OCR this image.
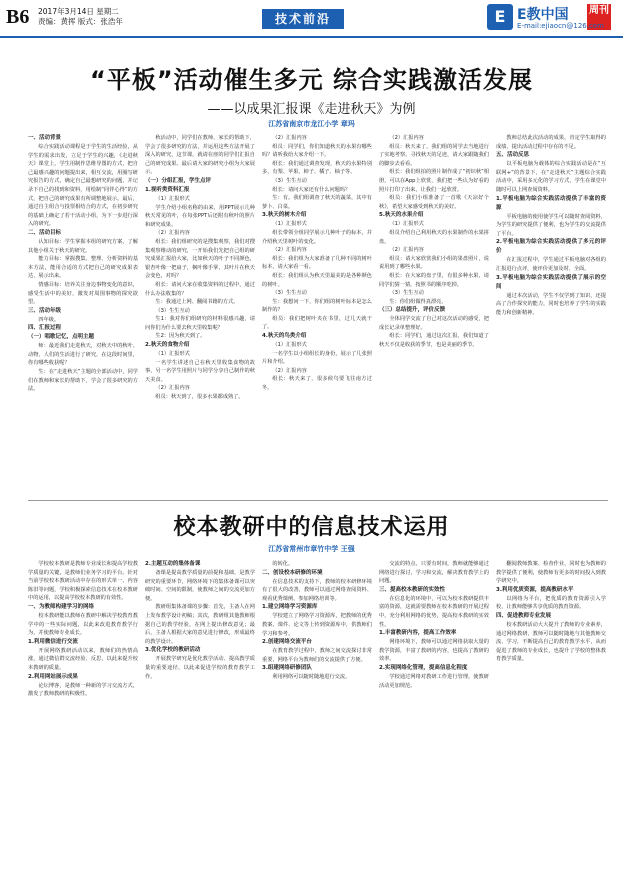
B6 2017年3月14日 星期二
责编：黄挥 版式：张浩年	技术前沿	E E教中国 周刊
E-mail:ejiaocn@126.com
“平板”活动催生多元 综合实践激活发展
——以成果汇报课《走进秋天》为例
江苏省南京市龙江小学 章玛
一、活动背景

综合实践活动课程是于学生的生活经验，从学生的需求出发，立足于学生的兴趣，《走进秋天》课堂上，学生用制作思维导图的方式，把自己最感兴趣的问题提出来，相互交流，用圈写研究报告的方式，确定自己最想研究的问题，并记录下自己的找到和资料，用绘制“同伴心得”的方式，把自己的研究成果有所调整地展示。最后，通过自主组合与投票相结合的方式，在初步研究的基础上确定了若干活动小组，为下一步进行深入的研究。

二、活动目标

认知目标：学生掌握本组的研究方案，了解其他小组关于秋天的研究。

能力目标：掌握搜集、整理、分析资料的基本方法，能用合适的方式把自己的研究成果表达、展示出来。

情感目标：培养关注身边事物变化的意识，感受生活中的美好，激发对周围事物的探究欲望。

三、活动年级

四年级。

四、汇报过程
（一）唱歌记忆，点明主题

师：最近我们走进秋天，对秋天中的秋叶、动物、人们的生活进行了研究，在这段时间里，你有哪些收获呢？

生：在“走进秋天”主题的全部活动中，同学们在教师和家长的帮助下，学会了很多研究的方法。

秋活动中，同学们在教师、家长的帮助下，学会了很多研究的方法，并运用这些方法开展了深入的研究，这节课，就请在座的同学们汇报自己的研究成果。最后请大家的研究小组为大家展示。

（一）分组汇报，学生点评
1.视听类资料汇报

（1）汇报形式

学生介绍小组名称的由来，用PPT展示几种秋天常见的叶，在每张PPT后还附有秋叶的照片和研究成果。

（2）汇报内容

组长：我们组研究的是搜集观察，我们对搜集观察维动的研究，一开始我们先把自己组的研究成果汇报给大家，比如秋天的叶子不同颜色，银杏叶像一把扇子，枫叶像手掌，其叶片在秋天会变色，对吗？

组长：请问大家在收集资料的过程中，通过什么办法收集的？

生：我通过上网、翻阅书籍的方式。

（3）生生互动

生1：我对你们组研究的材料很感兴趣，请问你们为什么要去秋天里收集呢？

生2：因为秋天到了。

2.秋天的食物介绍

（1）汇报形式

一名学生讲述自己在秋天里收集食物的故事，另一名学生用照片与同学分享自己制作的秋天美食。

（2）汇报内容

组员：秋天到了，很多水果都成熟了。

（2）汇报内容

组员：同学们，你们知道秋天的水果有哪些吗？请听我给大家介绍一下。

组长：我们通过调查发现，秋天的水果特别多，有梨、苹果、柿子、橘子、柚子等。

（3）生生互动

组长：请问大家还有什么问题吗？

生：有。我们组调查了秋天的蔬菜，其中有萝卜、白菜。

3.秋天的树木介绍

（1）汇报形式

组长带领全组同学展示几种叶子的标本，并介绍秋天里树叶的变化。

（2）汇报内容

组长：我们组为大家准备了几种不同的树叶标本，请大家看一看。

组长：我们组认为秋天里最美的是各种颜色的树叶。

（3）生生互动

生：我想问一下，你们组的树叶标本是怎么制作的？

组员：我们把树叶夹在书里，过几天就干了。

4.秋天的鸟类介绍

（1）汇报形式

一名学生以小组组长的身份，展示了几张照片和介绍。

（2）汇报内容

组长：秋天来了，很多候鸟要飞往南方过冬。

（2）汇报内容

组员：秋天来了，我们组的同学去当地进行了实地考察。寻找秋天的足迹，请大家跟随我们的脚步去看看。

组长：我们组拍的照片制作成了“初识秋”相册，可以在App上欣赏，我们把一些认为好看的照片打印了出来，让我们一起欣赏。

组员：我们小组准备了一首歌《天凉好个秋》，希望大家感受到秋天的美好。

5.秋天的水果介绍

（1）汇报形式

组员介绍自己利用秋天的水果制作的水果拼盘。

（2）汇报内容

组员：请大家欣赏我们小组的果盘照片，说说用到了哪些水果。

组长：在大家的盘子里，有很多种水果，请同学们猜一猜，按照书的顺序吃掉。

（3）生生互动

生：你们组做得真漂亮。

（三）总结提升，评价反馈

全体同学交流了自己对这次活动的感受，把成长记录单整理好。

组长：同学们，通过这次汇报，我们知道了秋天不仅是收获的季节，也是美丽的季节。

教师总结此次活动的成果，肯定学生取得的成绩，提出活动过程中存在的不足。

五、活动反思

以平板电脑为载体的综合实践活动是在“互联网+”的背景下，在“走进秋天”主题综合实践活动中，采用多元化的学习方式，学生在课堂中随时可以上网查阅资料。

1.平板电脑为综合实践活动提供了丰富的资源

平板电脑的使用使学生可以随时查阅资料，为学生的研究提供了便利，也为学生的交流提供了平台。

2.平板电脑为综合实践活动提供了多元的评价

在汇报过程中，学生通过平板电脑对各组的汇报进行点评，使评价更加及时、全面。

3.平板电脑为综合实践活动提供了展示的空间

通过本次活动，学生不仅学到了知识，还提高了合作探究的能力，同时也培养了学生的实践能力和创新精神。

校本教研中的信息技术运用
江苏省常州市章竹中学 王强

学校校本教研是教师专业成长和提高学校教学质量的关键，是教师们业务学习的平台。针对当前学校校本教研活动中存在的形式单一、内容陈旧等问题，学校积极探索信息技术在校本教研中的运用，以提高学校校本教研的有效性。

一、为教师构建学习的网络

校本教研能以教师在教研中解决学校教育教学中的一些实际问题，以此来改进教育教学行为，并使教师专业成长。

1.利用微信进行交流

开展网络教研活动以来，教师们的热情高涨，通过微信群交流经验、反思，以此来提升校本教研的质量。

2.利用网站展示成果

论坛博客，是教师一种新的学习交流方式，激发了教师教研的积极性。

2.主题互动的集体备课

备课是提高教学质量的前提和基础，是教学研究的重要环节，网络环境下的集体备课可以突破时间、空间的限制，使教师之间的交流更加方便。

教研组集体备课的步骤：首先，主备人在网上发布教学设计初稿；其次，教研组其他教师根据自己的教学经验，在网上提出修改意见；最后，主备人根据大家的意见进行修改，形成最终的教学设计。

3.优化学校的教研活动

开展教学研究是优化教学活动、提高教学质量的重要途径，以此来促进学校的教育教学工作。

的转化。

二、创设校本研修的环境

在信息技术的支持下，教师的校本研修环境有了很大的改善，教师可以通过网络查阅资料、观看优秀课例、参加网络培训等。

1.建立网络学习资源库

学校建立了网络学习资源库，把教师的优秀教案、课件、论文等上传到资源库中，供教师们学习和参考。

2.创建网络交流平台

在教育教学过程中，教师之间交流探讨非常重要，网络平台为教师们的交流提供了方便。

3.组建网络研修团队

利用网络可以随时随地进行交流。

交流的特点，只要有时间，教师就能够通过网络进行探讨，学习和交流，解决教育教学上的问题。

三、提高校本教研的实效性

在信息化的环境中，可以为校本教研提供丰富的资源，这就需要教师在校本教研的开展过程中，充分利用网络的优势，提高校本教研的实效性。

1.丰富教研内容，提高工作效率

网络环境下，教师可以通过网络获取大量的教学资源，丰富了教研的内容，也提高了教研的效率。

2.实现网络化管理，提高信息化程度

学校通过网络对教研工作进行管理，使教研活动更加规范。

翻阅教师教案、检查作业，同时也为教师的教学提供了便利，使教师有更多的时间投入到教学研究中。

3.利用优质资源，提高教研水平

以网络为平台，把优质的教育资源引入学校，让教师能够共享优质的教育资源。

四、促进教师专业发展

校本教研活动大大提升了教师的专业素养，通过网络教研，教师可以随时随地与其他教师交流、学习，不断提高自己的教育教学水平，从而促进了教师的专业成长，也提升了学校的整体教育教学质量。
